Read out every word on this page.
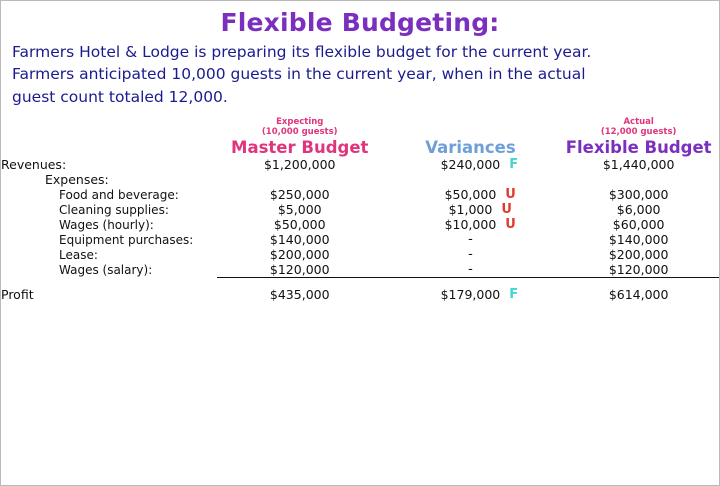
Flexible Budgeting:

Farmers Hotel & Lodge is preparing its flexible budget for the current year.

Farmers anticipated 10,000 guests in the current year, when in the actual

guest count totaled 12,000.

Expecting
(10,000 guests)

Actual
(12,000 guests)

	Master Budget	Variances	Flexible Budget
Revenues:	$1,200,000	$240,000 F	$1,440,000
Expenses:			
Food and beverage:	$250,000	$50,000 U	$300,000
Cleaning supplies:	$5,000	$1,000 U	$6,000
Wages (hourly):	$50,000	$10,000 U	$60,000
Equipment purchases:	$140,000	-	$140,000
Lease:	$200,000	-	$200,000
Wages (salary):	$120,000	-	$120,000
Profit	$435,000	$179,000 F	$614,000
